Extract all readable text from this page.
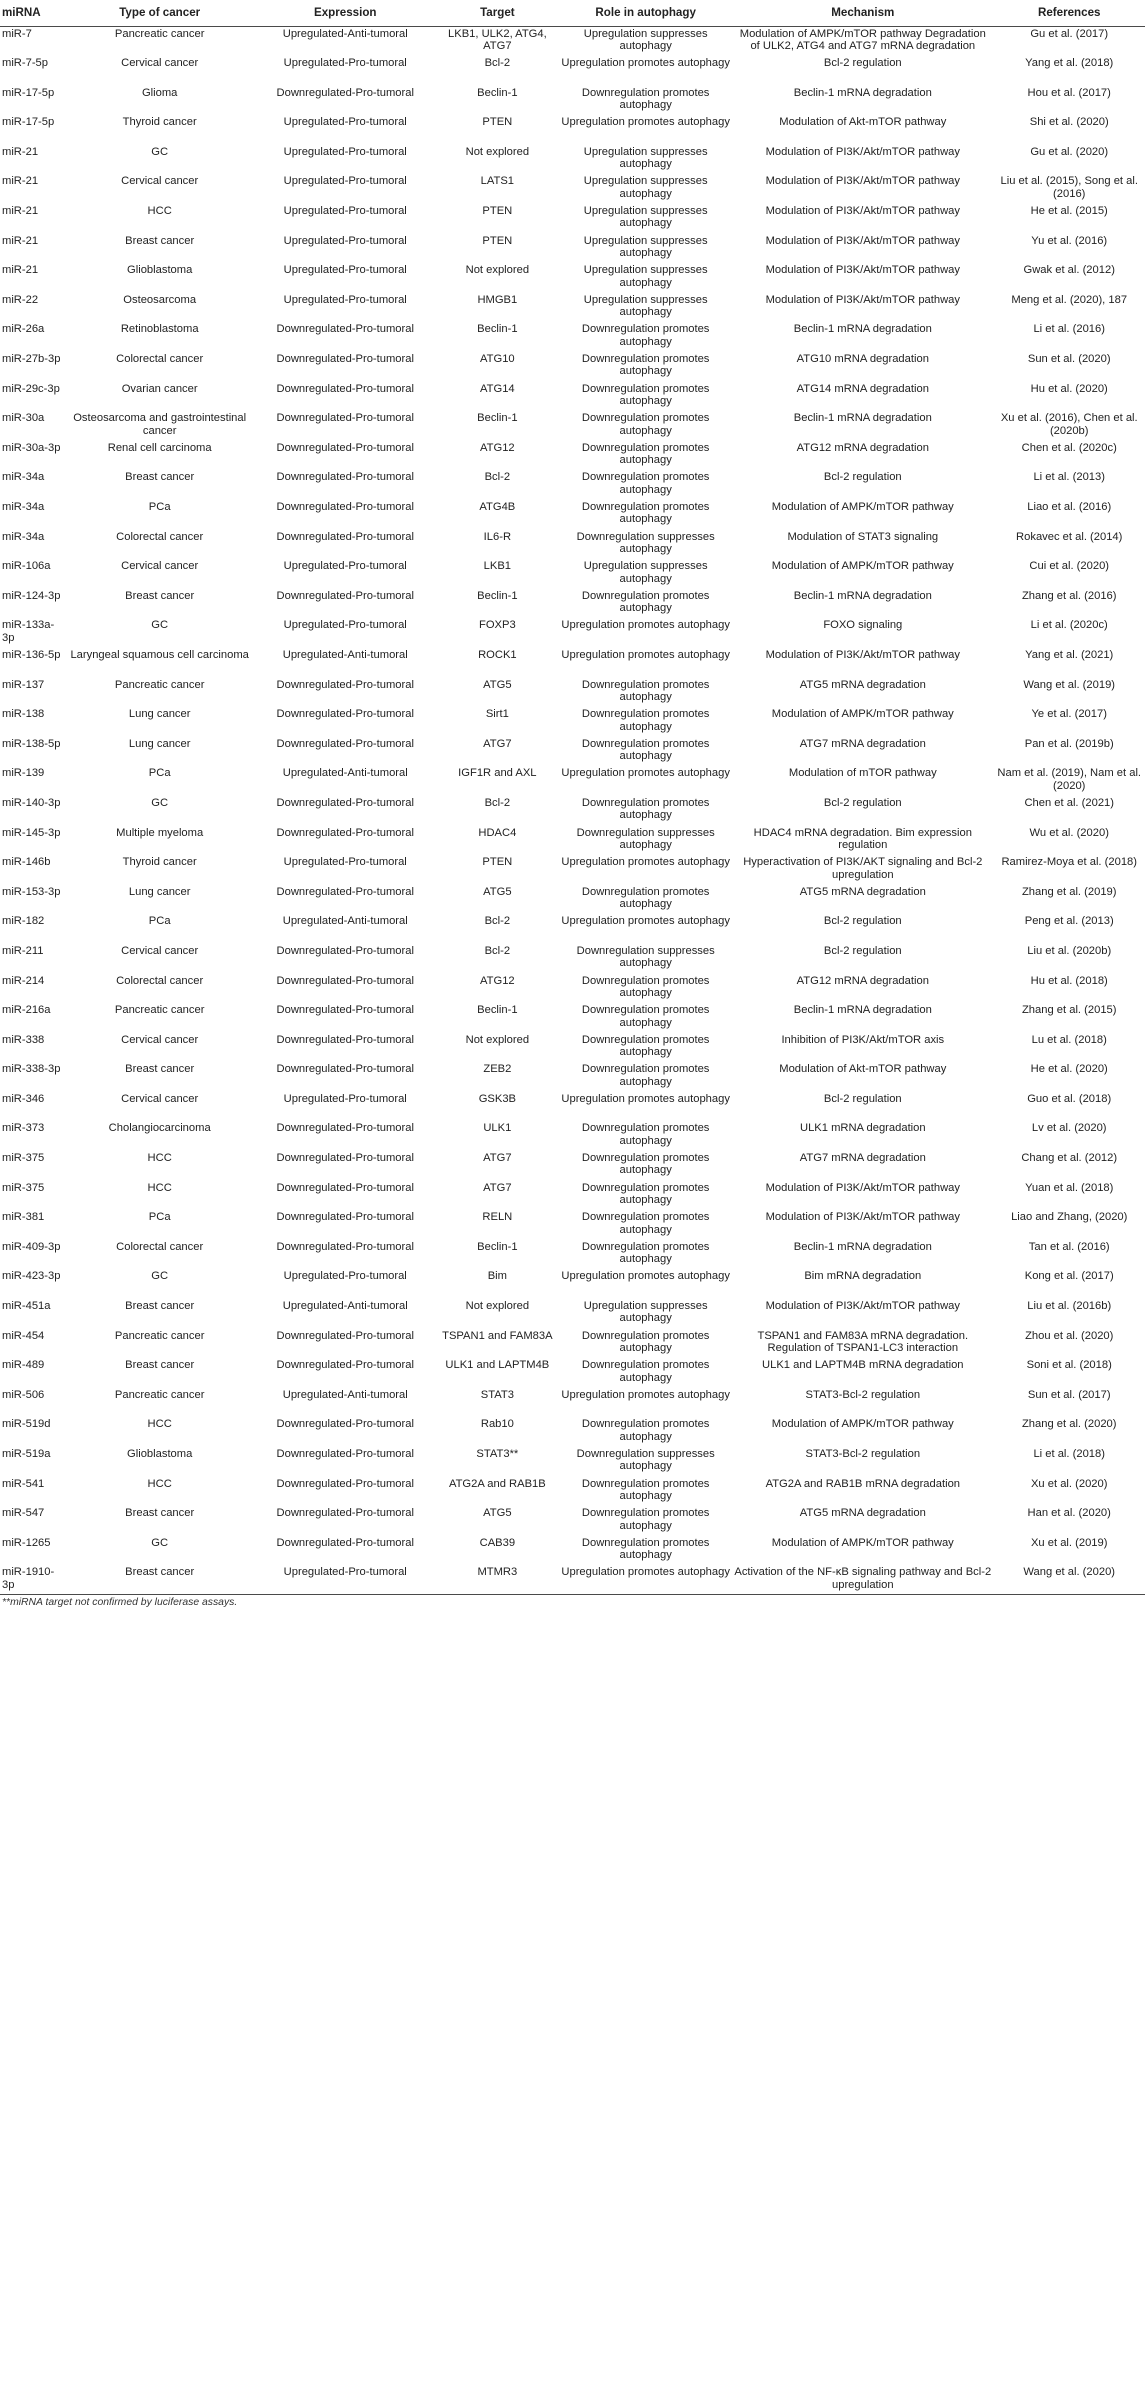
miRNA	Type of cancer	Expression	Target	Role in autophagy	Mechanism	References
miR-7	Pancreatic cancer	Upregulated-Anti-tumoral	LKB1, ULK2, ATG4, ATG7	Upregulation suppresses autophagy	Modulation of AMPK/mTOR pathway Degradation of ULK2, ATG4 and ATG7 mRNA degradation	Gu et al. (2017)
miR-7-5p	Cervical cancer	Upregulated-Pro-tumoral	Bcl-2	Upregulation promotes autophagy	Bcl-2 regulation	Yang et al. (2018)
miR-17-5p	Glioma	Downregulated-Pro-tumoral	Beclin-1	Downregulation promotes autophagy	Beclin-1 mRNA degradation	Hou et al. (2017)
miR-17-5p	Thyroid cancer	Upregulated-Pro-tumoral	PTEN	Upregulation promotes autophagy	Modulation of Akt-mTOR pathway	Shi et al. (2020)
miR-21	GC	Upregulated-Pro-tumoral	Not explored	Upregulation suppresses autophagy	Modulation of PI3K/Akt/mTOR pathway	Gu et al. (2020)
miR-21	Cervical cancer	Upregulated-Pro-tumoral	LATS1	Upregulation suppresses autophagy	Modulation of PI3K/Akt/mTOR pathway	Liu et al. (2015), Song et al. (2016)
miR-21	HCC	Upregulated-Pro-tumoral	PTEN	Upregulation suppresses autophagy	Modulation of PI3K/Akt/mTOR pathway	He et al. (2015)
miR-21	Breast cancer	Upregulated-Pro-tumoral	PTEN	Upregulation suppresses autophagy	Modulation of PI3K/Akt/mTOR pathway	Yu et al. (2016)
miR-21	Glioblastoma	Upregulated-Pro-tumoral	Not explored	Upregulation suppresses autophagy	Modulation of PI3K/Akt/mTOR pathway	Gwak et al. (2012)
miR-22	Osteosarcoma	Upregulated-Pro-tumoral	HMGB1	Upregulation suppresses autophagy	Modulation of PI3K/Akt/mTOR pathway	Meng et al. (2020), 187
miR-26a	Retinoblastoma	Downregulated-Pro-tumoral	Beclin-1	Downregulation promotes autophagy	Beclin-1 mRNA degradation	Li et al. (2016)
miR-27b-3p	Colorectal cancer	Downregulated-Pro-tumoral	ATG10	Downregulation promotes autophagy	ATG10 mRNA degradation	Sun et al. (2020)
miR-29c-3p	Ovarian cancer	Downregulated-Pro-tumoral	ATG14	Downregulation promotes autophagy	ATG14 mRNA degradation	Hu et al. (2020)
miR-30a	Osteosarcoma and gastrointestinal cancer	Downregulated-Pro-tumoral	Beclin-1	Downregulation promotes autophagy	Beclin-1 mRNA degradation	Xu et al. (2016), Chen et al. (2020b)
miR-30a-3p	Renal cell carcinoma	Downregulated-Pro-tumoral	ATG12	Downregulation promotes autophagy	ATG12 mRNA degradation	Chen et al. (2020c)
miR-34a	Breast cancer	Downregulated-Pro-tumoral	Bcl-2	Downregulation promotes autophagy	Bcl-2 regulation	Li et al. (2013)
miR-34a	PCa	Downregulated-Pro-tumoral	ATG4B	Downregulation promotes autophagy	Modulation of AMPK/mTOR pathway	Liao et al. (2016)
miR-34a	Colorectal cancer	Downregulated-Pro-tumoral	IL6-R	Downregulation suppresses autophagy	Modulation of STAT3 signaling	Rokavec et al. (2014)
miR-106a	Cervical cancer	Upregulated-Pro-tumoral	LKB1	Upregulation suppresses autophagy	Modulation of AMPK/mTOR pathway	Cui et al. (2020)
miR-124-3p	Breast cancer	Downregulated-Pro-tumoral	Beclin-1	Downregulation promotes autophagy	Beclin-1 mRNA degradation	Zhang et al. (2016)
miR-133a-3p	GC	Upregulated-Pro-tumoral	FOXP3	Upregulation promotes autophagy	FOXO signaling	Li et al. (2020c)
miR-136-5p	Laryngeal squamous cell carcinoma	Upregulated-Anti-tumoral	ROCK1	Upregulation promotes autophagy	Modulation of PI3K/Akt/mTOR pathway	Yang et al. (2021)
miR-137	Pancreatic cancer	Downregulated-Pro-tumoral	ATG5	Downregulation promotes autophagy	ATG5 mRNA degradation	Wang et al. (2019)
miR-138	Lung cancer	Downregulated-Pro-tumoral	Sirt1	Downregulation promotes autophagy	Modulation of AMPK/mTOR pathway	Ye et al. (2017)
miR-138-5p	Lung cancer	Downregulated-Pro-tumoral	ATG7	Downregulation promotes autophagy	ATG7 mRNA degradation	Pan et al. (2019b)
miR-139	PCa	Upregulated-Anti-tumoral	IGF1R and AXL	Upregulation promotes autophagy	Modulation of mTOR pathway	Nam et al. (2019), Nam et al. (2020)
miR-140-3p	GC	Downregulated-Pro-tumoral	Bcl-2	Downregulation promotes autophagy	Bcl-2 regulation	Chen et al. (2021)
miR-145-3p	Multiple myeloma	Downregulated-Pro-tumoral	HDAC4	Downregulation suppresses autophagy	HDAC4 mRNA degradation. Bim expression regulation	Wu et al. (2020)
miR-146b	Thyroid cancer	Upregulated-Pro-tumoral	PTEN	Upregulation promotes autophagy	Hyperactivation of PI3K/AKT signaling and Bcl-2 upregulation	Ramirez-Moya et al. (2018)
miR-153-3p	Lung cancer	Downregulated-Pro-tumoral	ATG5	Downregulation promotes autophagy	ATG5 mRNA degradation	Zhang et al. (2019)
miR-182	PCa	Upregulated-Anti-tumoral	Bcl-2	Upregulation promotes autophagy	Bcl-2 regulation	Peng et al. (2013)
miR-211	Cervical cancer	Downregulated-Pro-tumoral	Bcl-2	Downregulation suppresses autophagy	Bcl-2 regulation	Liu et al. (2020b)
miR-214	Colorectal cancer	Downregulated-Pro-tumoral	ATG12	Downregulation promotes autophagy	ATG12 mRNA degradation	Hu et al. (2018)
miR-216a	Pancreatic cancer	Downregulated-Pro-tumoral	Beclin-1	Downregulation promotes autophagy	Beclin-1 mRNA degradation	Zhang et al. (2015)
miR-338	Cervical cancer	Downregulated-Pro-tumoral	Not explored	Downregulation promotes autophagy	Inhibition of PI3K/Akt/mTOR axis	Lu et al. (2018)
miR-338-3p	Breast cancer	Downregulated-Pro-tumoral	ZEB2	Downregulation promotes autophagy	Modulation of Akt-mTOR pathway	He et al. (2020)
miR-346	Cervical cancer	Upregulated-Pro-tumoral	GSK3B	Upregulation promotes autophagy	Bcl-2 regulation	Guo et al. (2018)
miR-373	Cholangiocarcinoma	Downregulated-Pro-tumoral	ULK1	Downregulation promotes autophagy	ULK1 mRNA degradation	Lv et al. (2020)
miR-375	HCC	Downregulated-Pro-tumoral	ATG7	Downregulation promotes autophagy	ATG7 mRNA degradation	Chang et al. (2012)
miR-375	HCC	Downregulated-Pro-tumoral	ATG7	Downregulation promotes autophagy	Modulation of PI3K/Akt/mTOR pathway	Yuan et al. (2018)
miR-381	PCa	Downregulated-Pro-tumoral	RELN	Downregulation promotes autophagy	Modulation of PI3K/Akt/mTOR pathway	Liao and Zhang, (2020)
miR-409-3p	Colorectal cancer	Downregulated-Pro-tumoral	Beclin-1	Downregulation promotes autophagy	Beclin-1 mRNA degradation	Tan et al. (2016)
miR-423-3p	GC	Upregulated-Pro-tumoral	Bim	Upregulation promotes autophagy	Bim mRNA degradation	Kong et al. (2017)
miR-451a	Breast cancer	Upregulated-Anti-tumoral	Not explored	Upregulation suppresses autophagy	Modulation of PI3K/Akt/mTOR pathway	Liu et al. (2016b)
miR-454	Pancreatic cancer	Downregulated-Pro-tumoral	TSPAN1 and FAM83A	Downregulation promotes autophagy	TSPAN1 and FAM83A mRNA degradation. Regulation of TSPAN1-LC3 interaction	Zhou et al. (2020)
miR-489	Breast cancer	Downregulated-Pro-tumoral	ULK1 and LAPTM4B	Downregulation promotes autophagy	ULK1 and LAPTM4B mRNA degradation	Soni et al. (2018)
miR-506	Pancreatic cancer	Upregulated-Anti-tumoral	STAT3	Upregulation promotes autophagy	STAT3-Bcl-2 regulation	Sun et al. (2017)
miR-519d	HCC	Downregulated-Pro-tumoral	Rab10	Downregulation promotes autophagy	Modulation of AMPK/mTOR pathway	Zhang et al. (2020)
miR-519a	Glioblastoma	Downregulated-Pro-tumoral	STAT3**	Downregulation suppresses autophagy	STAT3-Bcl-2 regulation	Li et al. (2018)
miR-541	HCC	Downregulated-Pro-tumoral	ATG2A and RAB1B	Downregulation promotes autophagy	ATG2A and RAB1B mRNA degradation	Xu et al. (2020)
miR-547	Breast cancer	Downregulated-Pro-tumoral	ATG5	Downregulation promotes autophagy	ATG5 mRNA degradation	Han et al. (2020)
miR-1265	GC	Downregulated-Pro-tumoral	CAB39	Downregulation promotes autophagy	Modulation of AMPK/mTOR pathway	Xu et al. (2019)
miR-1910-3p	Breast cancer	Upregulated-Pro-tumoral	MTMR3	Upregulation promotes autophagy	Activation of the NF-κB signaling pathway and Bcl-2 upregulation	Wang et al. (2020)
**miRNA target not confirmed by luciferase assays.
